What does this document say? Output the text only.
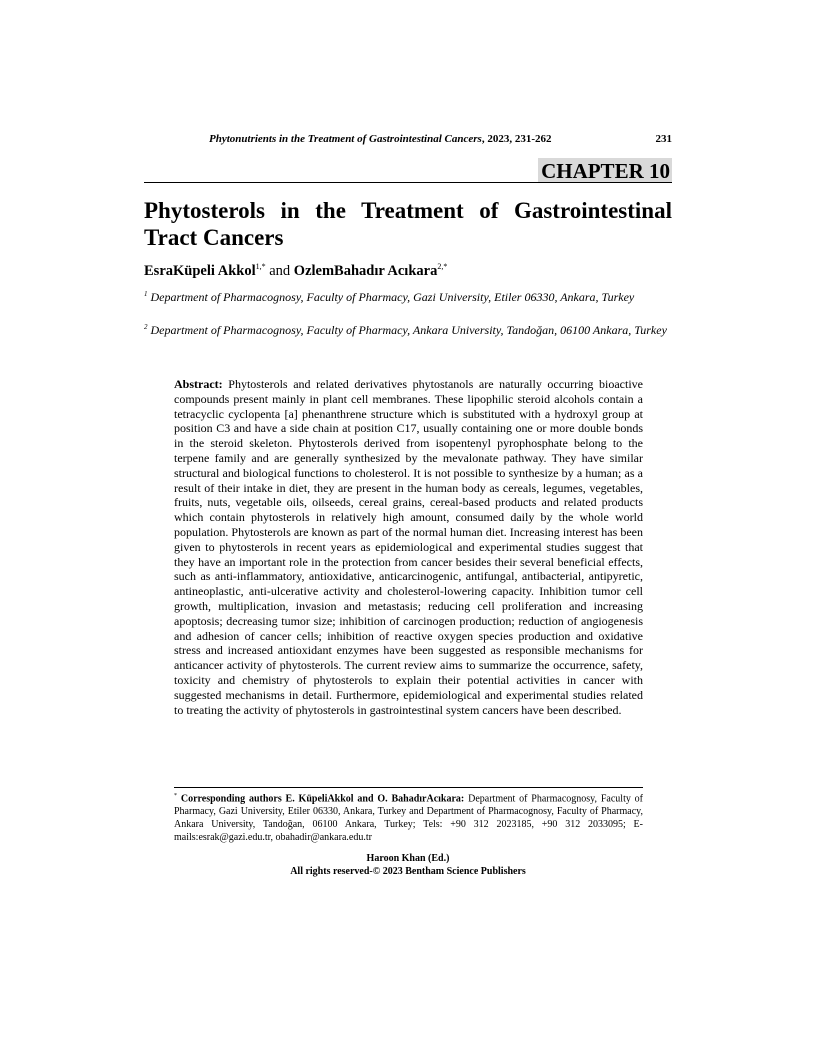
Phytonutrients in the Treatment of Gastrointestinal Cancers, 2023, 231-262	231
CHAPTER 10
Phytosterols in the Treatment of Gastrointestinal Tract Cancers
EsraKüpeli Akkol$^{1,*}$ and OzlemBahadır Acıkara$^{2,*}$
$^1$ Department of Pharmacognosy, Faculty of Pharmacy, Gazi University, Etiler 06330, Ankara, Turkey
$^2$ Department of Pharmacognosy, Faculty of Pharmacy, Ankara University, Tandoğan, 06100 Ankara, Turkey

Abstract: Phytosterols and related derivatives phytostanols are naturally occurring bioactive compounds present mainly in plant cell membranes. These lipophilic steroid alcohols contain a tetracyclic cyclopenta [a] phenanthrene structure which is substituted with a hydroxyl group at position C3 and have a side chain at position C17, usually containing one or more double bonds in the steroid skeleton. Phytosterols derived from isopentenyl pyrophosphate belong to the terpene family and are generally synthesized by the mevalonate pathway. They have similar structural and biological functions to cholesterol. It is not possible to synthesize by a human; as a result of their intake in diet, they are present in the human body as cereals, legumes, vegetables, fruits, nuts, vegetable oils, oilseeds, cereal grains, cereal-based products and related products which contain phytosterols in relatively high amount, consumed daily by the whole world population. Phytosterols are known as part of the normal human diet. Increasing interest has been given to phytosterols in recent years as epidemiological and experimental studies suggest that they have an important role in the protection from cancer besides their several beneficial effects, such as anti-inflammatory, antioxidative, anticarcinogenic, antifungal, antibacterial, antipyretic, antineoplastic, anti-ulcerative activity and cholesterol-lowering capacity. Inhibition tumor cell growth, multiplication, invasion and metastasis; reducing cell proliferation and increasing apoptosis; decreasing tumor size; inhibition of carcinogen production; reduction of angiogenesis and adhesion of cancer cells; inhibition of reactive oxygen species production and oxidative stress and increased antioxidant enzymes have been suggested as responsible mechanisms for anticancer activity of phytosterols. The current review aims to summarize the occurrence, safety, toxicity and chemistry of phytosterols to explain their potential activities in cancer with suggested mechanisms in detail. Furthermore, epidemiological and experimental studies related to treating the activity of phytosterols in gastrointestinal system cancers have been described.

* Corresponding authors E. KüpeliAkkol and O. BahadırAcıkara: Department of Pharmacognosy, Faculty of Pharmacy, Gazi University, Etiler 06330, Ankara, Turkey and Department of Pharmacognosy, Faculty of Pharmacy, Ankara University, Tandoğan, 06100 Ankara, Turkey; Tels: +90 312 2023185, +90 312 2033095; E-mails:esrak@gazi.edu.tr, obahadir@ankara.edu.tr

Haroon Khan (Ed.)
All rights reserved-© 2023 Bentham Science Publishers
